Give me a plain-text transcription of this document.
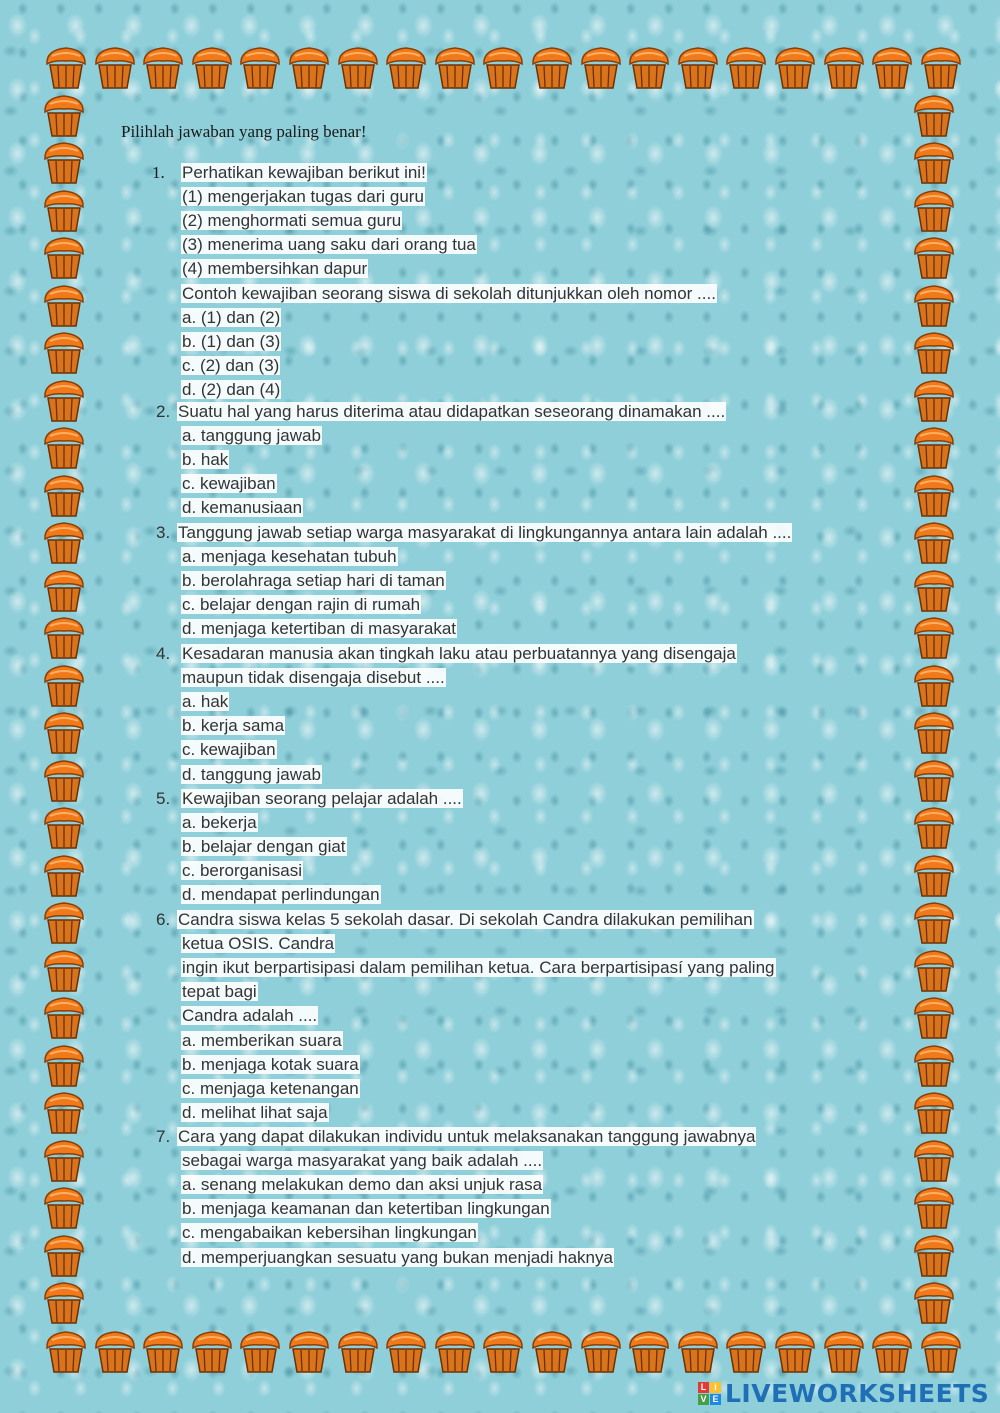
Pilihlah jawaban yang paling benar!
1. Perhatikan kewajiban berikut ini!
(1) mengerjakan tugas dari guru
(2) menghormati semua guru
(3) menerima uang saku dari orang tua
(4) membersihkan dapur
Contoh kewajiban seorang siswa di sekolah ditunjukkan oleh nomor ....
a. (1) dan (2)
b. (1) dan (3)
c. (2) dan (3)
d. (2) dan (4)
2. Suatu hal yang harus diterima atau didapatkan seseorang dinamakan ....
a. tanggung jawab
b. hak
c. kewajiban
d. kemanusiaan
3. Tanggung jawab setiap warga masyarakat di lingkungannya antara lain adalah ....
a. menjaga kesehatan tubuh
b. berolahraga setiap hari di taman
c. belajar dengan rajin di rumah
d. menjaga ketertiban di masyarakat
4. Kesadaran manusia akan tingkah laku atau perbuatannya yang disengaja
maupun tidak disengaja disebut ....
a. hak
b. kerja sama
c. kewajiban
d. tanggung jawab
5. Kewajiban seorang pelajar adalah ....
a. bekerja
b. belajar dengan giat
c. berorganisasi
d. mendapat perlindungan
6. Candra siswa kelas 5 sekolah dasar. Di sekolah Candra dilakukan pemilihan
ketua OSIS. Candra
ingin ikut berpartisipasi dalam pemilihan ketua. Cara berpartisipasí yang paling
tepat bagi
Candra adalah ....
a. memberikan suara
b. menjaga kotak suara
c. menjaga ketenangan
d. melihat lihat saja
7. Cara yang dapat dilakukan individu untuk melaksanakan tanggung jawabnya
sebagai warga masyarakat yang baik adalah ....
a. senang melakukan demo dan aksi unjuk rasa
b. menjaga keamanan dan ketertiban lingkungan
c. mengabaikan kebersihan lingkungan
d. memperjuangkan sesuatu yang bukan menjadi haknya
L i
V E LIVEWORKSHEETS
